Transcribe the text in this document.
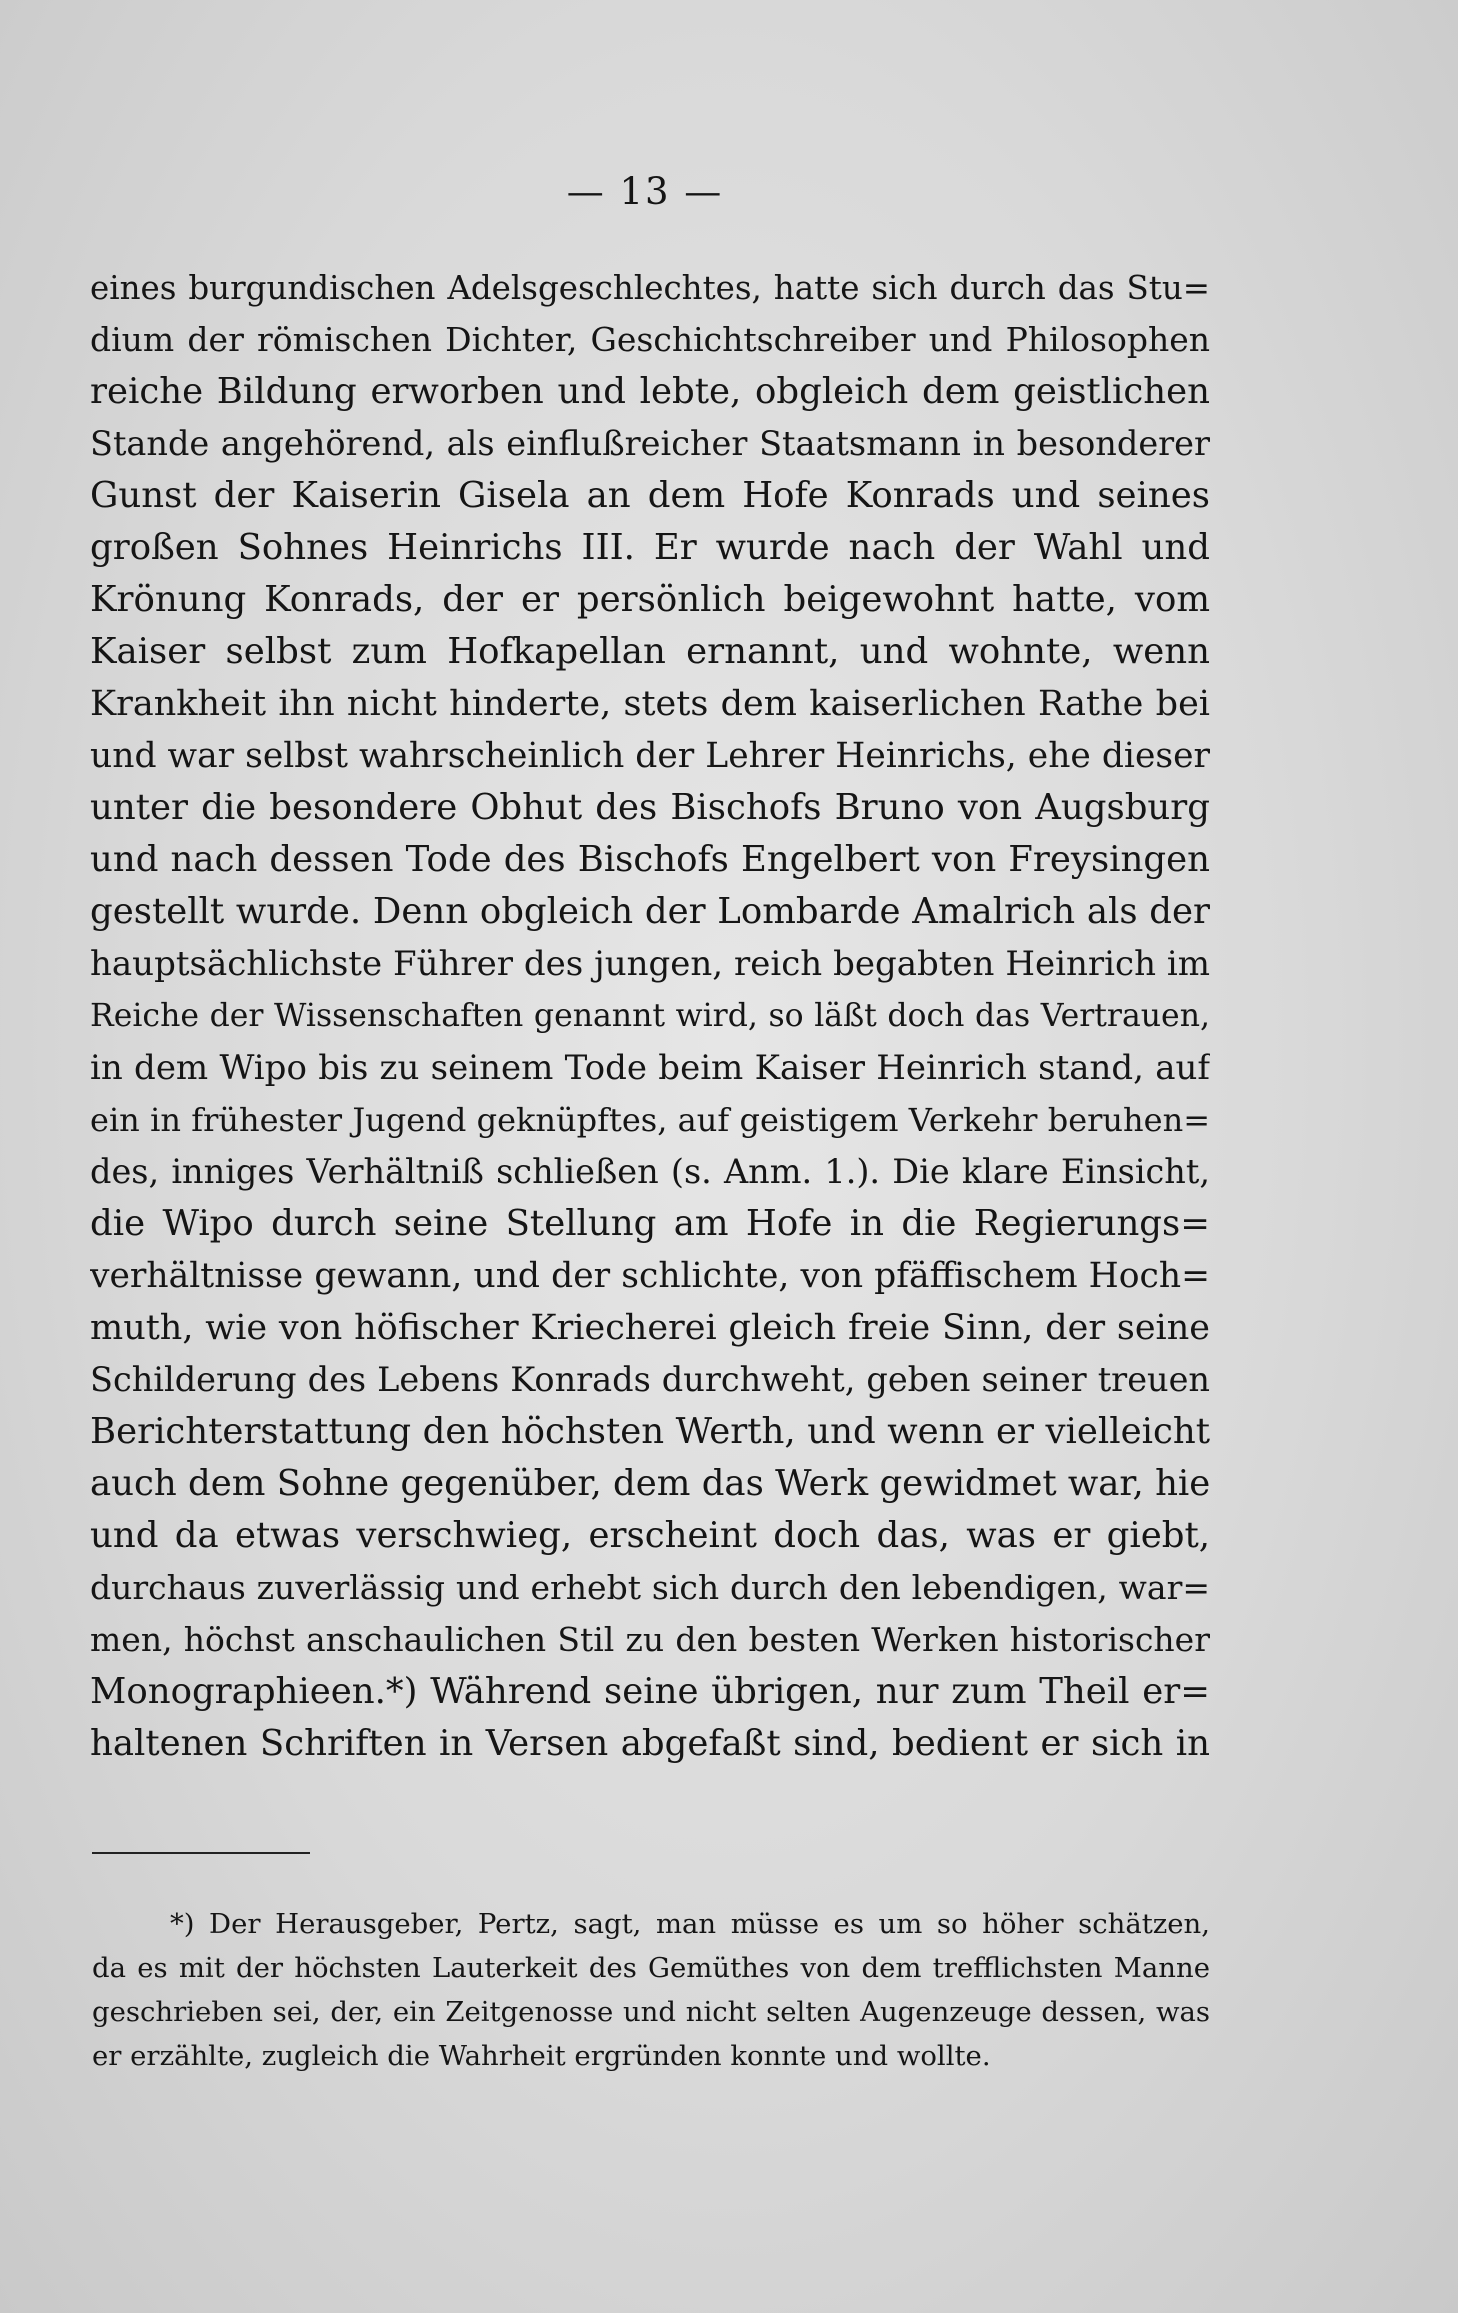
— 13 —
eines burgundischen Adelsgeschlechtes, hatte sich durch das Stu=
dium der römischen Dichter, Geschichtschreiber und Philosophen
reiche Bildung erworben und lebte, obgleich dem geistlichen
Stande angehörend, als einflußreicher Staatsmann in besonderer
Gunst der Kaiserin Gisela an dem Hofe Konrads und seines
großen Sohnes Heinrichs III. Er wurde nach der Wahl und
Krönung Konrads, der er persönlich beigewohnt hatte, vom
Kaiser selbst zum Hofkapellan ernannt, und wohnte, wenn
Krankheit ihn nicht hinderte, stets dem kaiserlichen Rathe bei
und war selbst wahrscheinlich der Lehrer Heinrichs, ehe dieser
unter die besondere Obhut des Bischofs Bruno von Augsburg
und nach dessen Tode des Bischofs Engelbert von Freysingen
gestellt wurde. Denn obgleich der Lombarde Amalrich als der
hauptsächlichste Führer des jungen, reich begabten Heinrich im
Reiche der Wissenschaften genannt wird, so läßt doch das Vertrauen,
in dem Wipo bis zu seinem Tode beim Kaiser Heinrich stand, auf
ein in frühester Jugend geknüpftes, auf geistigem Verkehr beruhen=
des, inniges Verhältniß schließen (s. Anm. 1.). Die klare Einsicht,
die Wipo durch seine Stellung am Hofe in die Regierungs=
verhältnisse gewann, und der schlichte, von pfäffischem Hoch=
muth, wie von höfischer Kriecherei gleich freie Sinn, der seine
Schilderung des Lebens Konrads durchweht, geben seiner treuen
Berichterstattung den höchsten Werth, und wenn er vielleicht
auch dem Sohne gegenüber, dem das Werk gewidmet war, hie
und da etwas verschwieg, erscheint doch das, was er giebt,
durchaus zuverlässig und erhebt sich durch den lebendigen, war=
men, höchst anschaulichen Stil zu den besten Werken historischer
Monographieen.*) Während seine übrigen, nur zum Theil er=
haltenen Schriften in Versen abgefaßt sind, bedient er sich in
*) Der Herausgeber, Pertz, sagt, man müsse es um so höher schätzen,
da es mit der höchsten Lauterkeit des Gemüthes von dem trefflichsten Manne
geschrieben sei, der, ein Zeitgenosse und nicht selten Augenzeuge dessen, was
er erzählte, zugleich die Wahrheit ergründen konnte und wollte.
